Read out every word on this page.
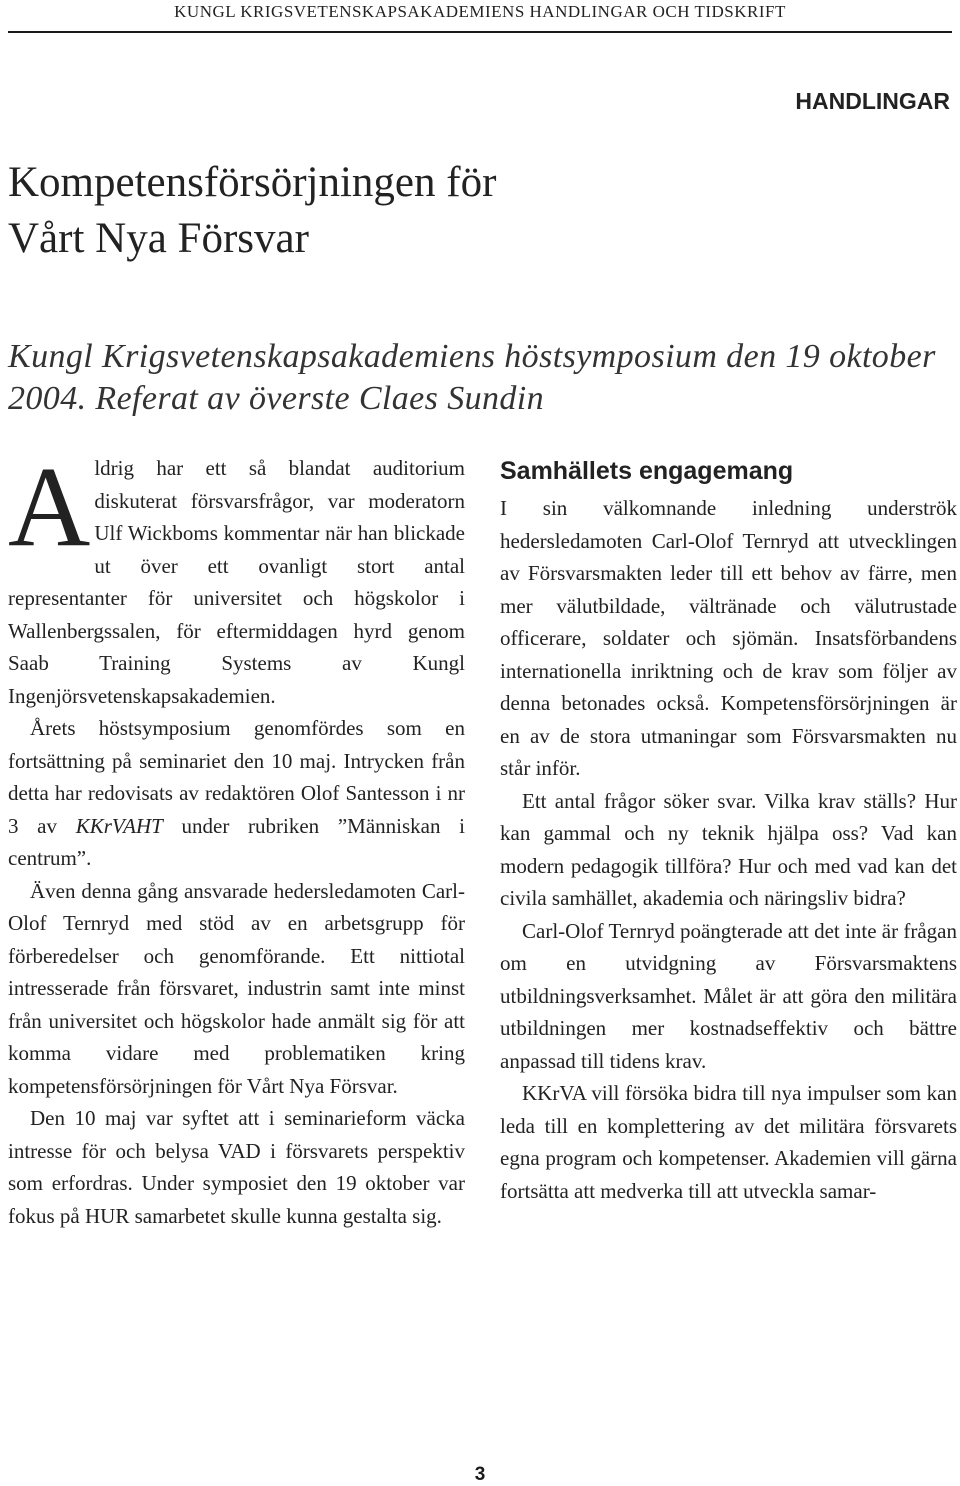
KUNGL KRIGSVETENSKAPSAKADEMIENS HANDLINGAR OCH TIDSKRIFT
HANDLINGAR
Kompetensförsörjningen för
Vårt Nya Försvar

Kungl Krigsvetenskapsakademiens höstsymposium den 19 oktober 2004. Referat av överste Claes Sundin

Aldrig har ett så blandat auditorium diskuterat försvarsfrågor, var moderatorn Ulf Wickboms kommentar när han blickade ut över ett ovanligt stort antal representanter för universitet och högskolor i Wallenbergssalen, för eftermiddagen hyrd genom Saab Training Systems av Kungl Ingenjörsvetenskapsakademien.

Årets höstsymposium genomfördes som en fortsättning på seminariet den 10 maj. Intrycken från detta har redovisats av redaktören Olof Santesson i nr 3 av KKrVAHT under rubriken ”Människan i centrum”.

Även denna gång ansvarade hedersledamoten Carl-Olof Ternryd med stöd av en arbetsgrupp för förberedelser och genomförande. Ett nittiotal intresserade från försvaret, industrin samt inte minst från universitet och högskolor hade anmält sig för att komma vidare med problematiken kring kompetensförsörjningen för Vårt Nya Försvar.

Den 10 maj var syftet att i seminarieform väcka intresse för och belysa VAD i försvarets perspektiv som erfordras. Under symposiet den 19 oktober var fokus på HUR samarbetet skulle kunna gestalta sig.

Samhällets engagemang

I sin välkomnande inledning underströk hedersledamoten Carl-Olof Ternryd att utvecklingen av Försvarsmakten leder till ett behov av färre, men mer välutbildade, vältränade och välutrustade officerare, soldater och sjömän. Insatsförbandens internationella inriktning och de krav som följer av denna betonades också. Kompetensförsörjningen är en av de stora utmaningar som Försvarsmakten nu står inför.

Ett antal frågor söker svar. Vilka krav ställs? Hur kan gammal och ny teknik hjälpa oss? Vad kan modern pedagogik tillföra? Hur och med vad kan det civila samhället, akademia och näringsliv bidra?

Carl-Olof Ternryd poängterade att det inte är frågan om en utvidgning av Försvarsmaktens utbildningsverksamhet. Målet är att göra den militära utbildningen mer kostnadseffektiv och bättre anpassad till tidens krav.

KKrVA vill försöka bidra till nya impulser som kan leda till en komplettering av det militära försvarets egna program och kompetenser. Akademien vill gärna fortsätta att medverka till att utveckla samar-

3
